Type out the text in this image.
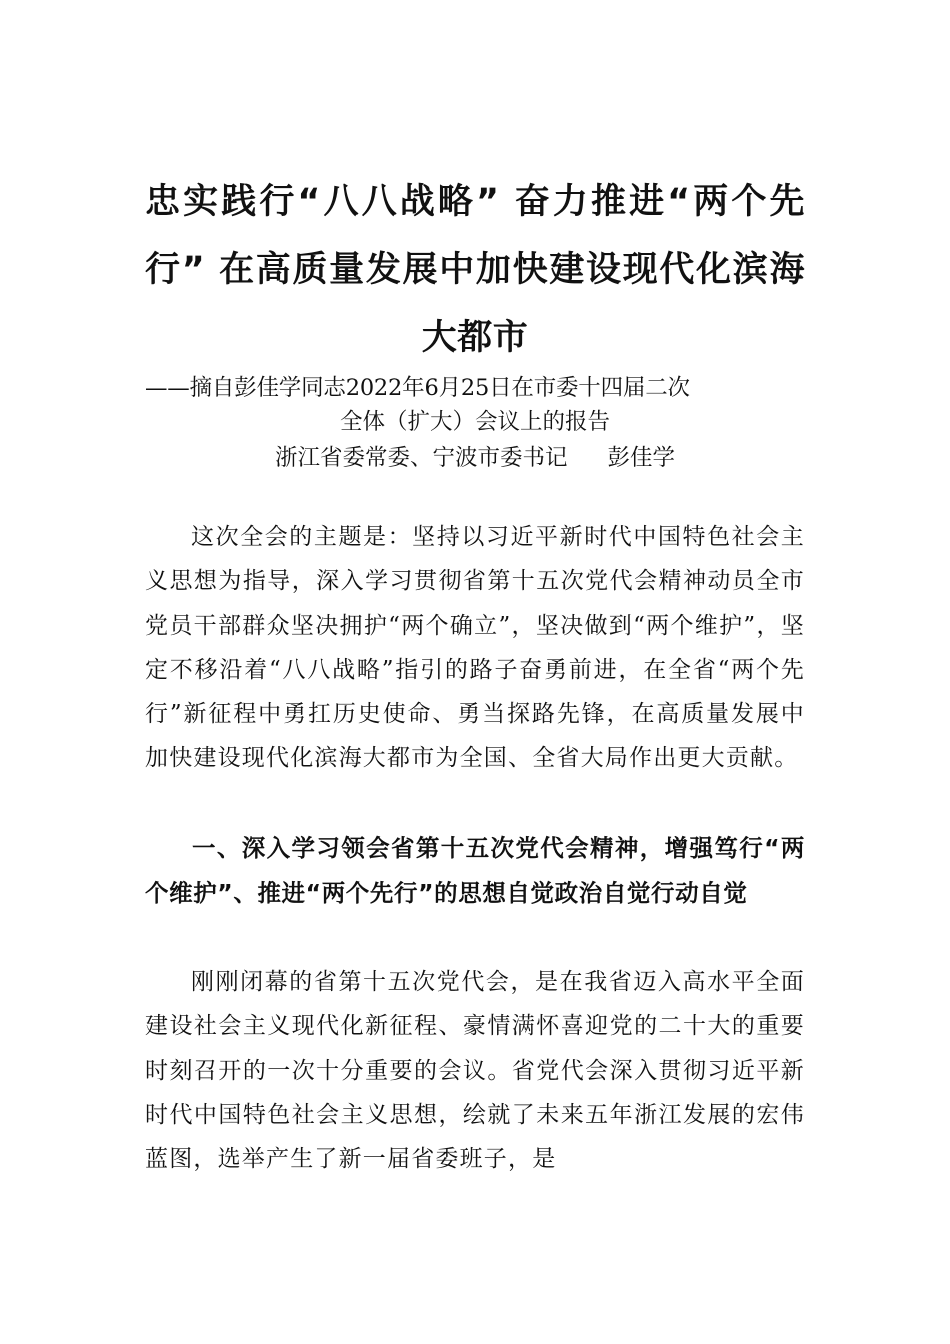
忠实践行“八八战略” 奋力推进“两个先行” 在高质量发展中加快建设现代化滨海大都市
——摘自彭佳学同志2022年6月25日在市委十四届二次
全体（扩大）会议上的报告
浙江省委常委、宁波市委书记 彭佳学

这次全会的主题是：坚持以习近平新时代中国特色社会主义思想为指导，深入学习贯彻省第十五次党代会精神动员全市党员干部群众坚决拥护“两个确立”，坚决做到“两个维护”，坚定不移沿着“八八战略”指引的路子奋勇前进，在全省“两个先行”新征程中勇扛历史使命、勇当探路先锋，在高质量发展中加快建设现代化滨海大都市为全国、全省大局作出更大贡献。

一、深入学习领会省第十五次党代会精神，增强笃行“两个维护”、推进“两个先行”的思想自觉政治自觉行动自觉

刚刚闭幕的省第十五次党代会，是在我省迈入高水平全面建设社会主义现代化新征程、豪情满怀喜迎党的二十大的重要时刻召开的一次十分重要的会议。省党代会深入贯彻习近平新时代中国特色社会主义思想，绘就了未来五年浙江发展的宏伟蓝图，选举产生了新一届省委班子，是
